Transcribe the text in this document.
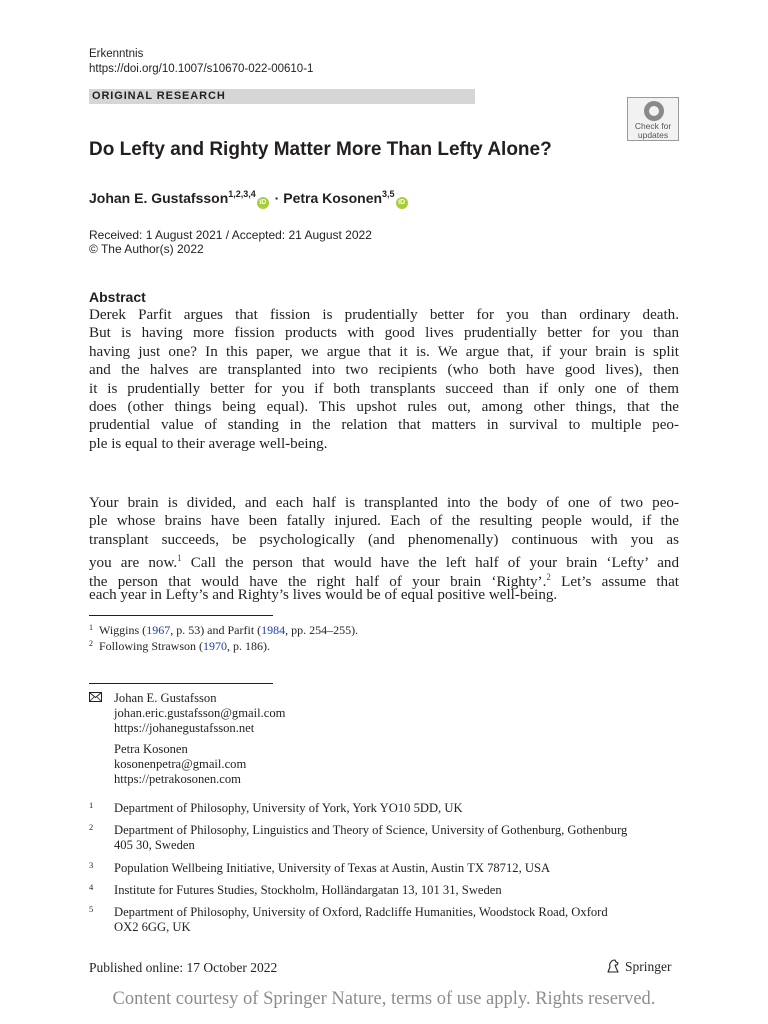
Erkenntnis
https://doi.org/10.1007/s10670-022-00610-1
ORIGINAL RESEARCH
Check for
updates
Do Lefty and Righty Matter More Than Lefty Alone?
Johan E. Gustafsson$^{1,2,3,4}$iD · Petra Kosonen$^{3,5}$iD
Received: 1 August 2021 / Accepted: 21 August 2022
© The Author(s) 2022
Abstract
Derek Parfit argues that fission is prudentially better for you than ordinary death.
But is having more fission products with good lives prudentially better for you than
having just one? In this paper, we argue that it is. We argue that, if your brain is split
and the halves are transplanted into two recipients (who both have good lives), then
it is prudentially better for you if both transplants succeed than if only one of them
does (other things being equal). This upshot rules out, among other things, that the
prudential value of standing in the relation that matters in survival to multiple peo-
ple is equal to their average well-being.
Your brain is divided, and each half is transplanted into the body of one of two peo-
ple whose brains have been fatally injured. Each of the resulting people would, if the
transplant succeeds, be psychologically (and phenomenally) continuous with you as
you are now.$^1$ Call the person that would have the left half of your brain ‘Lefty’ and
the person that would have the right half of your brain ‘Righty’.$^2$ Let’s assume that
each year in Lefty’s and Righty’s lives would be of equal positive well-being.
$^1$ Wiggins (1967, p. 53) and Parfit (1984, pp. 254–255).
$^2$ Following Strawson (1970, p. 186).
Johan E. Gustafsson
johan.eric.gustafsson@gmail.com
https://johanegustafsson.net
Petra Kosonen
kosonenpetra@gmail.com
https://petrakosonen.com
1 Department of Philosophy, University of York, York YO10 5DD, UK
2 Department of Philosophy, Linguistics and Theory of Science, University of Gothenburg, Gothenburg 405 30, Sweden
3 Population Wellbeing Initiative, University of Texas at Austin, Austin TX 78712, USA
4 Institute for Futures Studies, Stockholm, Holländargatan 13, 101 31, Sweden
5 Department of Philosophy, University of Oxford, Radcliffe Humanities, Woodstock Road, Oxford OX2 6GG, UK
Published online: 17 October 2022	Springer
Content courtesy of Springer Nature, terms of use apply. Rights reserved.
